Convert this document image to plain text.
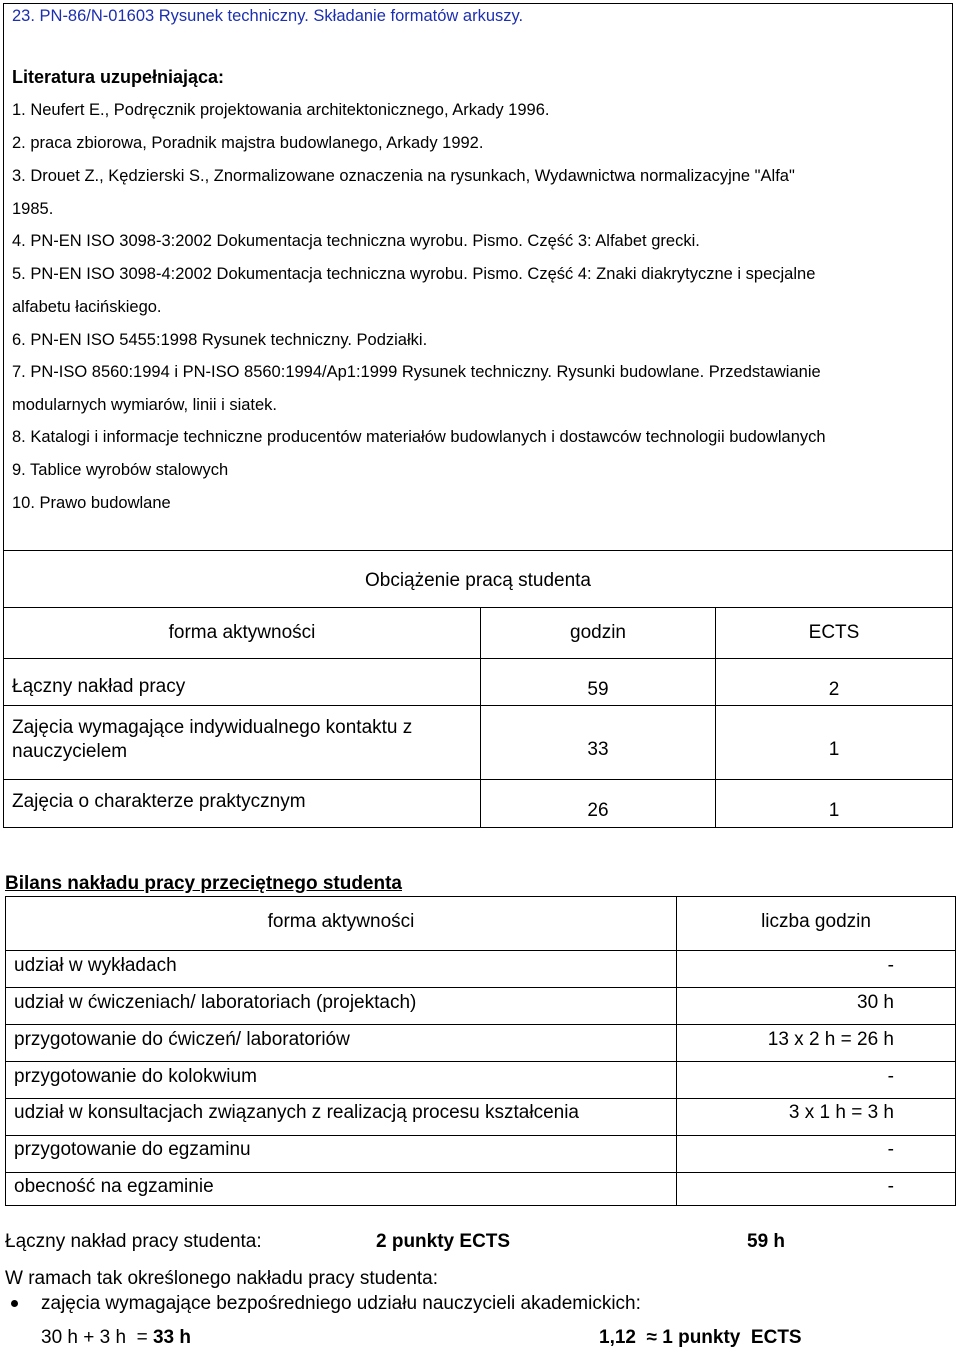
23. PN-86/N-01603 Rysunek techniczny. Składanie formatów arkuszy.
Literatura uzupełniająca:
1. Neufert E., Podręcznik projektowania architektonicznego, Arkady 1996.
2. praca zbiorowa, Poradnik majstra budowlanego, Arkady 1992.
3. Drouet Z., Kędzierski S., Znormalizowane oznaczenia na rysunkach, Wydawnictwa normalizacyjne "Alfa"
1985.
4. PN-EN ISO 3098-3:2002 Dokumentacja techniczna wyrobu. Pismo. Część 3: Alfabet grecki.
5. PN-EN ISO 3098-4:2002 Dokumentacja techniczna wyrobu. Pismo. Część 4: Znaki diakrytyczne i specjalne
alfabetu łacińskiego.
6. PN-EN ISO 5455:1998 Rysunek techniczny. Podziałki.
7. PN-ISO 8560:1994 i PN-ISO 8560:1994/Ap1:1999 Rysunek techniczny. Rysunki budowlane. Przedstawianie
modularnych wymiarów, linii i siatek.
8. Katalogi i informacje techniczne producentów materiałów budowlanych i dostawców technologii budowlanych
9. Tablice wyrobów stalowych
10. Prawo budowlane
Obciążenie pracą studenta
forma aktywności	godzin	ECTS
Łączny nakład pracy	59	2
Zajęcia wymagające indywidualnego kontaktu z nauczycielem	33	1
Zajęcia o charakterze praktycznym	26	1
Bilans nakładu pracy przeciętnego studenta
forma aktywności	liczba godzin
udział w wykładach	-
udział w ćwiczeniach/ laboratoriach (projektach)	30 h
przygotowanie do ćwiczeń/ laboratoriów	13 x 2 h = 26 h
przygotowanie do kolokwium	-
udział w konsultacjach związanych z realizacją procesu kształcenia	3 x 1 h = 3 h
przygotowanie do egzaminu	-
obecność na egzaminie	-
Łączny nakład pracy studenta:	2 punkty ECTS	59 h
W ramach tak określonego nakładu pracy studenta:
zajęcia wymagające bezpośredniego udziału nauczycieli akademickich:
30 h + 3 h  = 33 h	1,12  ≈ 1 punkty  ECTS
